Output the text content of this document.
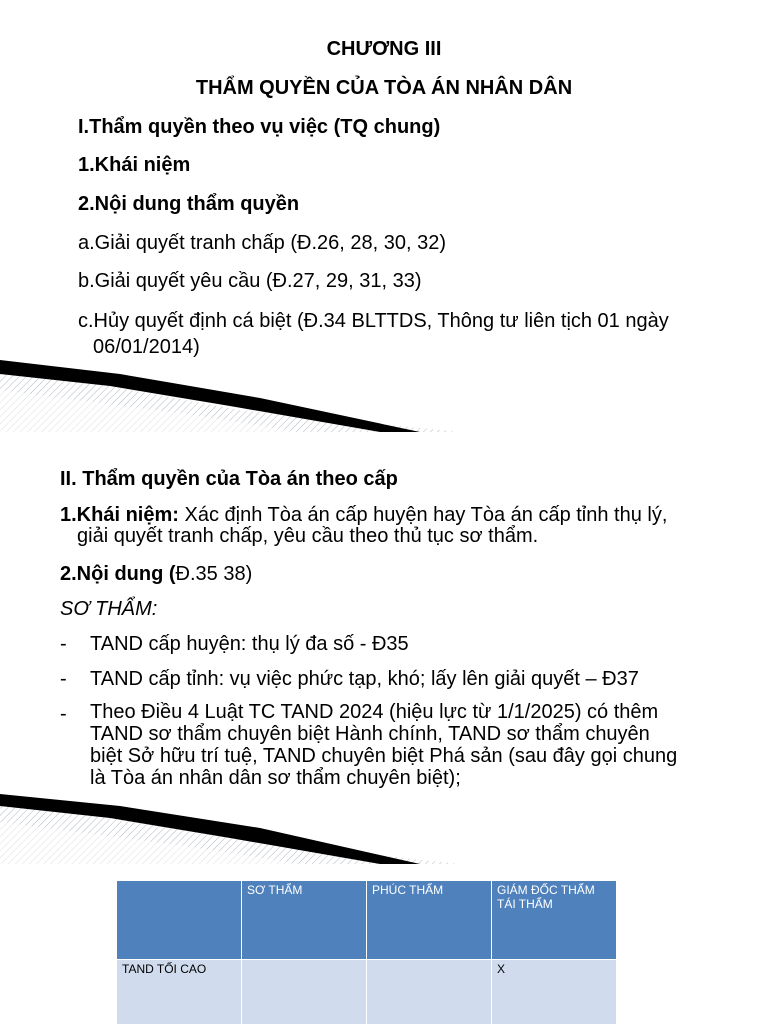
CHƯƠNG III
THẨM QUYỀN CỦA TÒA ÁN NHÂN DÂN
I.Thẩm quyền theo vụ việc (TQ chung)
1.Khái niệm
2.Nội dung thẩm quyền
a.Giải quyết tranh chấp (Đ.26, 28, 30, 32)
b.Giải quyết yêu cầu (Đ.27, 29, 31, 33)
c.Hủy quyết định cá biệt (Đ.34 BLTTDS, Thông tư liên tịch 01 ngày
06/01/2014)
II. Thẩm quyền của Tòa án theo cấp
1.Khái niệm: Xác định Tòa án cấp huyện hay Tòa án cấp tỉnh thụ lý,
giải quyết tranh chấp, yêu cầu theo thủ tục sơ thẩm.
2.Nội dung (Đ.35 38)
SƠ THẨM:
- TAND cấp huyện: thụ lý đa số - Đ35
- TAND cấp tỉnh: vụ việc phức tạp, khó; lấy lên giải quyết – Đ37
- Theo Điều 4 Luật TC TAND 2024 (hiệu lực từ 1/1/2025) có thêm
TAND sơ thẩm chuyên biệt Hành chính, TAND sơ thẩm chuyên
biệt Sở hữu trí tuệ, TAND chuyên biệt Phá sản (sau đây gọi chung
là Tòa án nhân dân sơ thẩm chuyên biệt);
	SƠ THẨM	PHÚC THẨM	GIÁM ĐỐC THẨM TÁI THẨM
TAND TỐI CAO			X
